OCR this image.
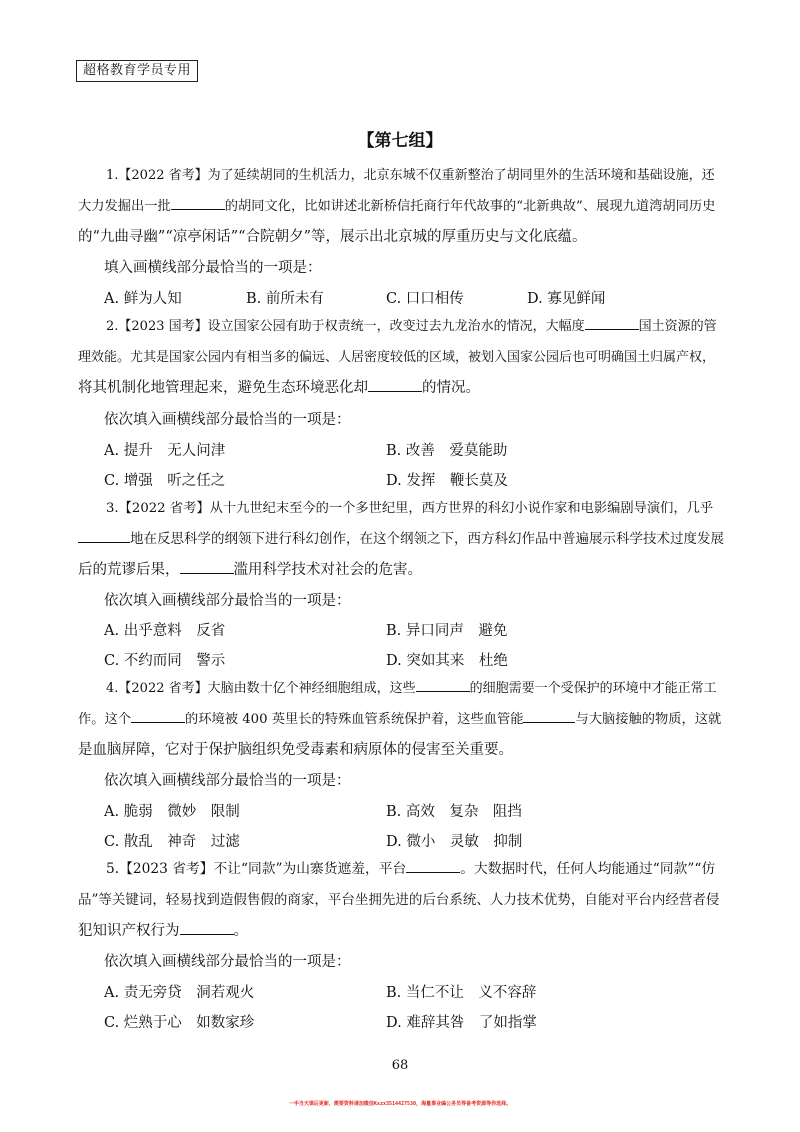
超格教育学员专用
【第七组】
1.【2022 省考】为了延续胡同的生机活力，北京东城不仅重新整治了胡同里外的生活环境和基础设施，还
大力发掘出一批	的胡同文化，比如讲述北新桥信托商行年代故事的“北新典故”、展现九道湾胡同历史
的“九曲寻幽”“凉亭闲话”“合院朝夕”等，展示出北京城的厚重历史与文化底蕴。
填入画横线部分最恰当的一项是：
A. 鲜为人知	B. 前所未有	C. 口口相传	D. 寡见鲜闻
2.【2023 国考】设立国家公园有助于权责统一，改变过去九龙治水的情况，大幅度	国土资源的管
理效能。尤其是国家公园内有相当多的偏远、人居密度较低的区域，被划入国家公园后也可明确国土归属产权，
将其机制化地管理起来，避免生态环境恶化却	的情况。
依次填入画横线部分最恰当的一项是：
A. 提升　无人问津	B. 改善　爱莫能助
C. 增强　听之任之	D. 发挥　鞭长莫及
3.【2022 省考】从十九世纪末至今的一个多世纪里，西方世界的科幻小说作家和电影编剧导演们，几乎
地在反思科学的纲领下进行科幻创作，在这个纲领之下，西方科幻作品中普遍展示科学技术过度发展
后的荒谬后果，	滥用科学技术对社会的危害。
依次填入画横线部分最恰当的一项是：
A. 出乎意料　反省	B. 异口同声　避免
C. 不约而同　警示	D. 突如其来　杜绝
4.【2022 省考】大脑由数十亿个神经细胞组成，这些	的细胞需要一个受保护的环境中才能正常工
作。这个	的环境被 400 英里长的特殊血管系统保护着，这些血管能	与大脑接触的物质，这就
是血脑屏障，它对于保护脑组织免受毒素和病原体的侵害至关重要。
依次填入画横线部分最恰当的一项是：
A. 脆弱　微妙　限制	B. 高效　复杂　阻挡
C. 散乱　神奇　过滤	D. 微小　灵敏　抑制
5.【2023 省考】不让“同款”为山寨货遮羞，平台	。大数据时代，任何人均能通过“同款”“仿
品”等关键词，轻易找到造假售假的商家，平台坐拥先进的后台系统、人力技术优势，自能对平台内经营者侵
犯知识产权行为	。
依次填入画横线部分最恰当的一项是：
A. 责无旁贷　洞若观火	B. 当仁不让　义不容辞
C. 烂熟于心　如数家珍	D. 难辞其咎　了如指掌
68
一手当天课后更新，需要资料请加微信Kszx3514427530，海量事业编公务员等备考资源等你选择。
